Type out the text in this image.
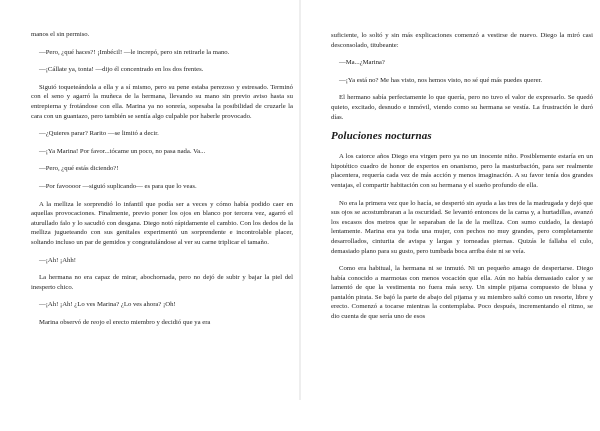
manos el sin permiso.

—Pero, ¿qué haces?! ¡Imbécil! —le increpó, pero sin retirarle la mano.

—¡Cállate ya, tonta! —dijo él concentrado en los dos frentes.

Siguió toqueteándola a ella y a sí mismo, pero su pene estaba perezoso y estresado. Terminó con el seno y agarró la muñeca de la hermana, llevando su mano sin previo aviso hasta su entrepierna y frotándose con ella. Marina ya no sonreía, sopesaba la posibilidad de cruzarle la cara con un guantazo, pero también se sentía algo culpable por haberle provocado.

—¿Quieres parar? Rarito —se limitó a decir.

—¡Ya Marina! Por favor...tócame un poco, no pasa nada. Va...

—Pero, ¿qué estás diciendo?!

—Por favoooor —siguió suplicando— es para que lo veas.

A la melliza le sorprendió lo infantil que podía ser a veces y cómo había podido caer en aquellas provocaciones. Finalmente, previo poner los ojos en blanco por tercera vez, agarró el aturullado falo y lo sacudió con desgana. Diego notó rápidamente el cambio. Con los dedos de la melliza jugueteando con sus genitales experimentó un sorprendente e incontrolable placer, soltando incluso un par de gemidos y congratulándose al ver su carne triplicar el tamaño.

—¡Ah! ¡Ahh!

La hermana no era capaz de mirar, abochornada, pero no dejó de subir y bajar la piel del inesperto chico.

—¡Ah! ¡Ah! ¿Lo ves Marina? ¿Lo ves ahora? ¡Oh!

Marina observó de reojo el erecto miembro y decidió que ya era

suficiente, lo soltó y sin más explicaciones comenzó a vestirse de nuevo. Diego la miró casi desconsolado, titubeante:

—Ma...¿Marina?

—¡Ya está no? Me has visto, nos hemos visto, no sé qué más puedes querer.

El hermano sabía perfectamente lo que quería, pero no tuvo el valor de expresarlo. Se quedó quieto, excitado, desnudo e inmóvil, viendo como su hermana se vestía. La frustración le duró días.

Poluciones nocturnas

A los catorce años Diego era virgen pero ya no un inocente niño. Posiblemente estaría en un hipotético cuadro de honor de expertos en onanismo, pero la masturbación, para ser realmente placentera, requería cada vez de más acción y menos imaginación. A su favor tenía dos grandes ventajas, el compartir habitación con su hermana y el sueño profundo de ella.

No era la primera vez que lo hacía, se despertó sin ayuda a las tres de la madrugada y dejó que sus ojos se acostumbraran a la oscuridad. Se levantó entonces de la cama y, a hurtadillas, avanzó los escasos dos metros que le separaban de la de la melliza. Con sumo cuidado, la destapó lentamente. Marina era ya toda una mujer, con pechos no muy grandes, pero completamente desarrollados, cinturita de avispa y largas y torneadas piernas. Quizás le fallaba el culo, demasiado plano para su gusto, pero tumbada boca arriba éste ni se veía.

Como era habitual, la hermana ni se inmutó. Ni un pequeño amago de despertarse. Diego había conocido a marmotas con menos vocación que ella. Aún no había demasiado calor y se lamentó de que la vestimenta no fuera más sexy. Un simple pijama compuesto de blusa y pantalón pirata. Se bajó la parte de abajo del pijama y su miembro saltó como un resorte, libre y erecto. Comenzó a tocarse mientras la contemplaba. Poco después, incrementando el ritmo, se dio cuenta de que sería uno de esos
